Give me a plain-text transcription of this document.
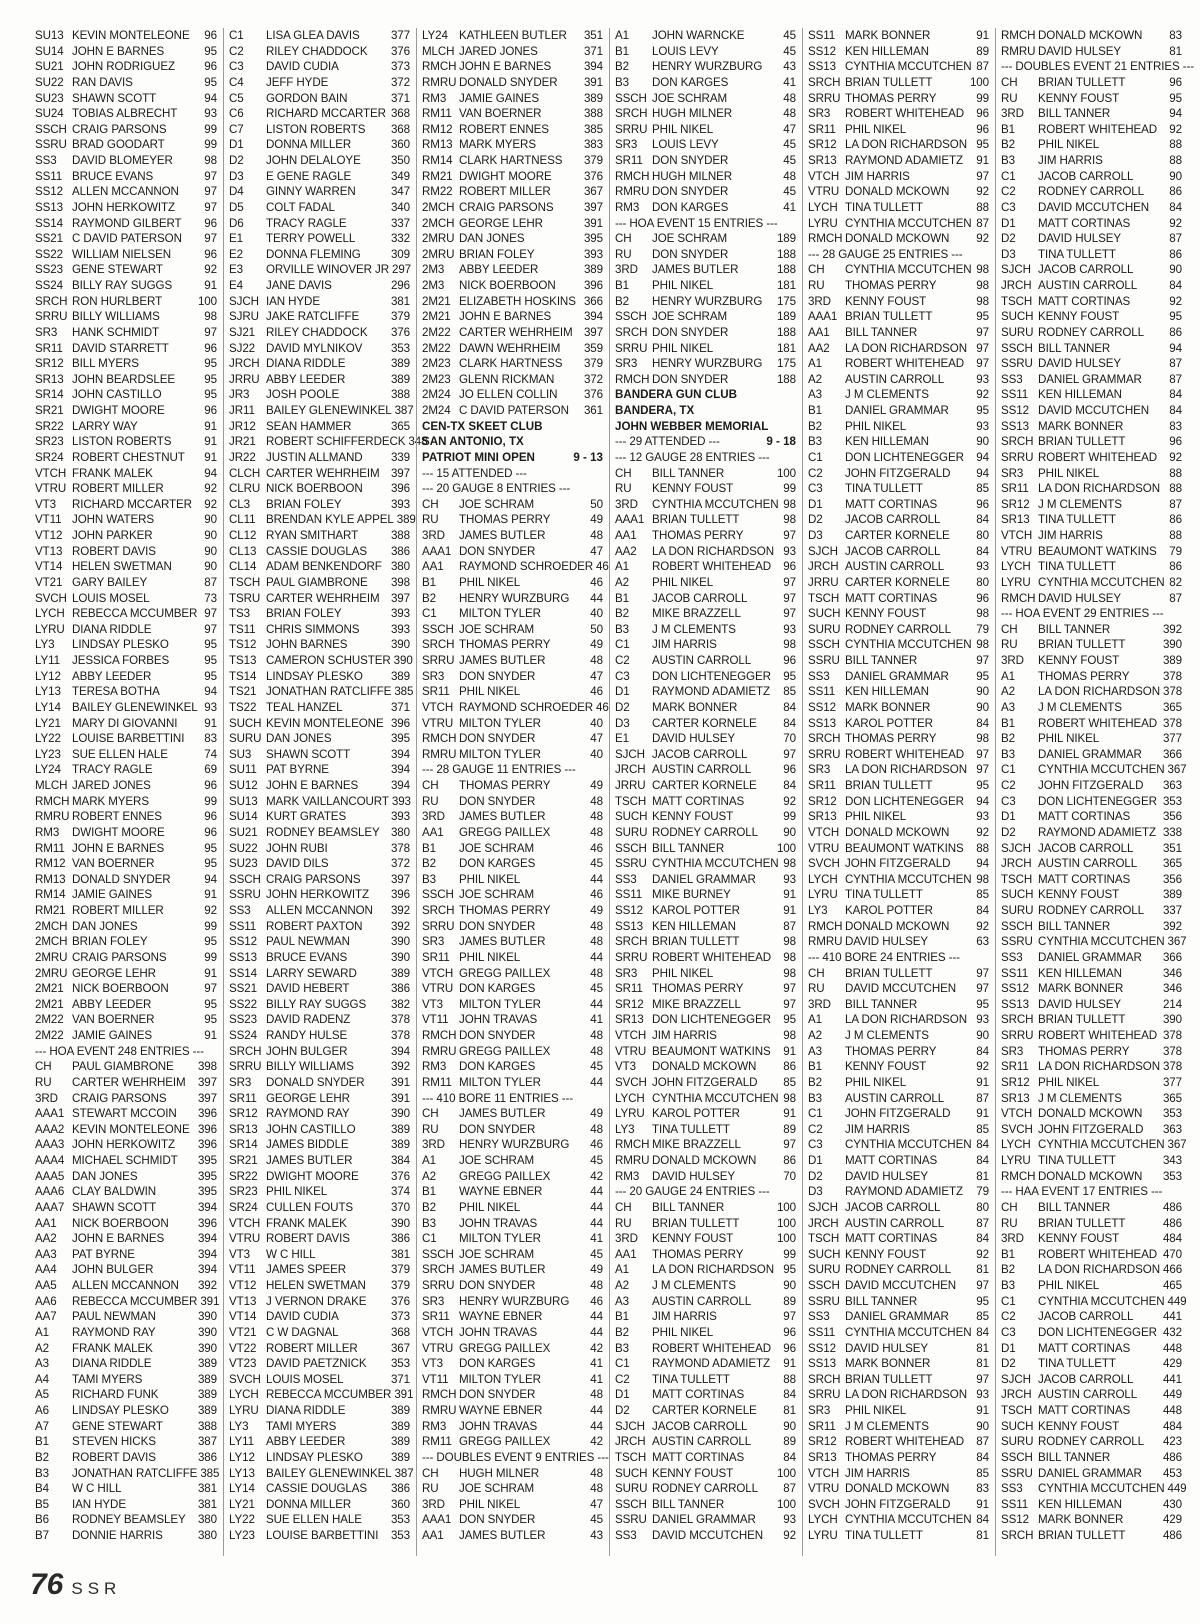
SU13 KEVIN MONTELEONE	96
SU14 JOHN E BARNES	95
SU21 JOHN RODRIGUEZ	96
SU22 RAN DAVIS	95
SU23 SHAWN SCOTT	94
SU24 TOBIAS ALBRECHT	93
SSCH CRAIG PARSONS	99
SSRU BRAD GOODART	99
SS3	DAVID BLOMEYER	98
SS11 BRUCE EVANS	97
SS12 ALLEN MCCANNON	97
SS13 JOHN HERKOWITZ	97
SS14 RAYMOND GILBERT	96
SS21 C DAVID PATERSON	97
SS22 WILLIAM NIELSEN	96
SS23 GENE STEWART	92
SS24 BILLY RAY SUGGS	91
SRCH RON HURLBERT	100
SRRU BILLY WILLIAMS	98
SR3	HANK SCHMIDT	97
SR11 DAVID STARRETT	96
SR12 BILL MYERS	95
SR13 JOHN BEARDSLEE	95
SR14 JOHN CASTILLO	95
SR21 DWIGHT MOORE	96
SR22 LARRY WAY	91
SR23 LISTON ROBERTS	91
SR24 ROBERT CHESTNUT	91
VTCH FRANK MALEK	94
VTRU ROBERT MILLER	92
VT3	RICHARD MCCARTER	92
VT11 JOHN WATERS	90
VT12 JOHN PARKER	90
VT13 ROBERT DAVIS	90
VT14 HELEN SWETMAN	90
VT21 GARY BAILEY	87
SVCH LOUIS MOSEL	73
LYCH REBECCA MCCUMBER 97
LYRU DIANA RIDDLE	97
LY3	LINDSAY PLESKO	95
LY11	JESSICA FORBES	95
LY12 ABBY LEEDER	95
LY13 TERESA BOTHA	94
LY14 BAILEY GLENEWINKEL 93
LY21 MARY DI GIOVANNI	91
LY22 LOUISE BARBETTINI	83
LY23 SUE ELLEN HALE	74
LY24 TRACY RAGLE	69
MLCH JARED JONES	96
RMCH MARK MYERS	99
RMRU ROBERT ENNES	96
RM3	DWIGHT MOORE	96
RM11 JOHN E BARNES	95
RM12 VAN BOERNER	95
RM13 DONALD SNYDER	94
RM14 JAMIE GAINES	91
RM21 ROBERT MILLER	92
2MCH DAN JONES	99
2MCH BRIAN FOLEY	95
2MRU CRAIG PARSONS	99
2MRU GEORGE LEHR	91
2M21 NICK BOERBOON	97
2M21 ABBY LEEDER	95
2M22 VAN BOERNER	95
2M22 JAMIE GAINES	91
--- HOA EVENT 248 ENTRIES ---
CH	PAUL GIAMBRONE	398
RU	CARTER WEHRHEIM	397
3RD	CRAIG PARSONS	397
AAA1 STEWART MCCOIN	396
AAA2 KEVIN MONTELEONE 396
AAA3 JOHN HERKOWITZ	396
AAA4 MICHAEL SCHMIDT	395
AAA5 DAN JONES	395
AAA6 CLAY BALDWIN	395
AAA7 SHAWN SCOTT	394
AA1	NICK BOERBOON	396
AA2	JOHN E BARNES	394
AA3	PAT BYRNE	394
AA4	JOHN BULGER	394
AA5	ALLEN MCCANNON	392
AA6	REBECCA MCCUMBER 391
AA7	PAUL NEWMAN	390
A1	RAYMOND RAY	390
A2	FRANK MALEK	390
A3	DIANA RIDDLE	389
A4	TAMI MYERS	389
A5	RICHARD FUNK	389
A6	LINDSAY PLESKO	389
A7	GENE STEWART	388
B1	STEVEN HICKS	387
B2	ROBERT DAVIS	386
B3	JONATHAN RATCLIFFE 385
B4	W C HILL	381
B5	IAN HYDE	381
B6	RODNEY BEAMSLEY	380
B7	DONNIE HARRIS	380
C1	LISA GLEA DAVIS	377
C2	RILEY CHADDOCK	376
C3	DAVID CUDIA	373
C4	JEFF HYDE	372
C5	GORDON BAIN	371
C6	RICHARD MCCARTER 368
C7	LISTON ROBERTS	368
D1	DONNA MILLER	360
D2	JOHN DELALOYE	350
D3	E GENE RAGLE	349
D4	GINNY WARREN	347
D5	COLT FADAL	340
D6	TRACY RAGLE	337
E1	TERRY POWELL	332
E2	DONNA FLEMING	309
E3	ORVILLE WINOVER JR 297
E4	JANE DAVIS	296
SJCH IAN HYDE	381
SJRU JAKE RATCLIFFE	379
SJ21 RILEY CHADDOCK	376
SJ22 DAVID MYLNIKOV	353
JRCH DIANA RIDDLE	389
JRRU ABBY LEEDER	389
JR3	JOSH POOLE	388
JR11 BAILEY GLENEWINKEL 387
JR12 SEAN HAMMER	365
JR21 ROBERT SCHIFFERDECK 348
JR22 JUSTIN ALLMAND	339
CLCH CARTER WEHRHEIM 397
CLRU NICK BOERBOON	396
CL3	BRIAN FOLEY	393
CL11 BRENDAN KYLE APPEL 389
CL12 RYAN SMITHART	388
CL13 CASSIE DOUGLAS	386
CL14 ADAM BENKENDORF 380
TSCH PAUL GIAMBRONE	398
TSRU CARTER WEHRHEIM 397
TS3	BRIAN FOLEY	393
TS11 CHRIS SIMMONS	393
TS12 JOHN BARNES	390
TS13 CAMERON SCHUSTER 390
TS14 LINDSAY PLESKO	389
TS21 JONATHAN RATCLIFFE 385
TS22 TEAL HANZEL	371
SUCH KEVIN MONTELEONE 396
SURU DAN JONES	395
SU3	SHAWN SCOTT	394
SU11 PAT BYRNE	394
SU12 JOHN E BARNES	394
SU13 MARK VAILLANCOURT 393
SU14 KURT GRATES	393
SU21 RODNEY BEAMSLEY 380
SU22 JOHN RUBI	378
SU23 DAVID DILS	372
SSCH CRAIG PARSONS	397
SSRU JOHN HERKOWITZ	396
SS3	ALLEN MCCANNON	392
SS11 ROBERT PAXTON	392
SS12 PAUL NEWMAN	390
SS13 BRUCE EVANS	390
SS14 LARRY SEWARD	389
SS21 DAVID HEBERT	386
SS22 BILLY RAY SUGGS	382
SS23 DAVID RADENZ	378
SS24 RANDY HULSE	378
SRCH JOHN BULGER	394
SRRU BILLY WILLIAMS	392
SR3	DONALD SNYDER	391
SR11 GEORGE LEHR	391
SR12 RAYMOND RAY	390
SR13 JOHN CASTILLO	389
SR14 JAMES BIDDLE	389
SR21 JAMES BUTLER	384
SR22 DWIGHT MOORE	376
SR23 PHIL NIKEL	374
SR24 CULLEN FOUTS	370
VTCH FRANK MALEK	390
VTRU ROBERT DAVIS	386
VT3	W C HILL	381
VT11 JAMES SPEER	379
VT12 HELEN SWETMAN	379
VT13 J VERNON DRAKE	376
VT14 DAVID CUDIA	373
VT21 C W DAGNAL	368
VT22 ROBERT MILLER	367
VT23 DAVID PAETZNICK	353
SVCH LOUIS MOSEL	371
LYCH REBECCA MCCUMBER 391
LYRU DIANA RIDDLE	389
LY3	TAMI MYERS	389
LY11	ABBY LEEDER	389
LY12 LINDSAY PLESKO	389
LY13 BAILEY GLENEWINKEL 387
LY14 CASSIE DOUGLAS	386
LY21 DONNA MILLER	360
LY22 SUE ELLEN HALE	353
LY23 LOUISE BARBETTINI	353
LY24 KATHLEEN BUTLER	351
MLCH JARED JONES	371
RMCH JOHN E BARNES	394
RMRU DONALD SNYDER	391
RM3	JAMIE GAINES	389
RM11 VAN BOERNER	388
RM12 ROBERT ENNES	385
RM13 MARK MYERS	383
RM14 CLARK HARTNESS	379
RM21 DWIGHT MOORE	376
RM22 ROBERT MILLER	367
2MCH CRAIG PARSONS	397
2MCH GEORGE LEHR	391
2MRU DAN JONES	395
2MRU BRIAN FOLEY	393
2M3	ABBY LEEDER	389
2M3	NICK BOERBOON	396
2M21 ELIZABETH HOSKINS 366
2M21 JOHN E BARNES	394
2M22 CARTER WEHRHEIM 397
2M22 DAWN WEHRHEIM	359
2M23 CLARK HARTNESS	379
2M23 GLENN RICKMAN	372
2M24 JO ELLEN COLLIN	376
2M24 C DAVID PATERSON	361
CEN-TX SKEET CLUB
SAN ANTONIO, TX
PATRIOT MINI OPEN	9 - 13
--- 15 ATTENDED ---
--- 20 GAUGE 8 ENTRIES ---
CH	JOE SCHRAM	50
RU	THOMAS PERRY	49
3RD	JAMES BUTLER	48
AAA1 DON SNYDER	47
AA1	RAYMOND SCHROEDER 46
B1	PHIL NIKEL	46
B2	HENRY WURZBURG	44
C1	MILTON TYLER	40
SSCH JOE SCHRAM	50
SRCH THOMAS PERRY	49
SRRU JAMES BUTLER	48
SR3	DON SNYDER	47
SR11 PHIL NIKEL	46
VTCH RAYMOND SCHROEDER 46
VTRU MILTON TYLER	40
RMCH DON SNYDER	47
RMRU MILTON TYLER	40
--- 28 GAUGE 11 ENTRIES ---
CH	THOMAS PERRY	49
RU	DON SNYDER	48
3RD	JAMES BUTLER	48
AA1	GREGG PAILLEX	48
B1	JOE SCHRAM	46
B2	DON KARGES	45
B3	PHIL NIKEL	44
SSCH JOE SCHRAM	46
SRCH THOMAS PERRY	49
SRRU DON SNYDER	48
SR3	JAMES BUTLER	48
SR11 PHIL NIKEL	44
VTCH GREGG PAILLEX	48
VTRU DON KARGES	45
VT3	MILTON TYLER	44
VT11 JOHN TRAVAS	41
RMCH DON SNYDER	48
RMRU GREGG PAILLEX	48
RM3	DON KARGES	45
RM11 MILTON TYLER	44
--- 410 BORE 11 ENTRIES ---
CH	JAMES BUTLER	49
RU	DON SNYDER	48
3RD	HENRY WURZBURG	46
A1	JOE SCHRAM	45
A2	GREGG PAILLEX	42
B1	WAYNE EBNER	44
B2	PHIL NIKEL	44
B3	JOHN TRAVAS	44
C1	MILTON TYLER	41
SSCH JOE SCHRAM	45
SRCH JAMES BUTLER	49
SRRU DON SNYDER	48
SR3	HENRY WURZBURG	46
SR11 WAYNE EBNER	44
VTCH JOHN TRAVAS	44
VTRU GREGG PAILLEX	42
VT3	DON KARGES	41
VT11 MILTON TYLER	41
RMCH DON SNYDER	48
RMRU WAYNE EBNER	44
RM3	JOHN TRAVAS	44
RM11 GREGG PAILLEX	42
--- DOUBLES EVENT 9 ENTRIES ---
CH	HUGH MILNER	48
RU	JOE SCHRAM	48
3RD	PHIL NIKEL	47
AAA1 DON SNYDER	45
AA1	JAMES BUTLER	43
A1	JOHN WARNCKE	45
B1	LOUIS LEVY	45
B2	HENRY WURZBURG	43
B3	DON KARGES	41
SSCH JOE SCHRAM	48
SRCH HUGH MILNER	48
SRRU PHIL NIKEL	47
SR3	LOUIS LEVY	45
SR11 DON SNYDER	45
RMCH HUGH MILNER	48
RMRU DON SNYDER	45
RM3	DON KARGES	41
--- HOA EVENT 15 ENTRIES ---
CH	JOE SCHRAM	189
RU	DON SNYDER	188
3RD	JAMES BUTLER	188
B1	PHIL NIKEL	181
B2	HENRY WURZBURG	175
SSCH JOE SCHRAM	189
SRCH DON SNYDER	188
SRRU PHIL NIKEL	181
SR3	HENRY WURZBURG	175
RMCH DON SNYDER	188
BANDERA GUN CLUB
BANDERA, TX
JOHN WEBBER MEMORIAL
9 - 18
--- 29 ATTENDED ---
--- 12 GAUGE 28 ENTRIES ---
CH	BILL TANNER	100
RU	KENNY FOUST	99
3RD	CYNTHIA MCCUTCHEN 98
AAA1 BRIAN TULLETT	98
AA1	THOMAS PERRY	97
AA2	LA DON RICHARDSON 93
A1	ROBERT WHITEHEAD	96
A2	PHIL NIKEL	97
B1	JACOB CARROLL	97
B2	MIKE BRAZZELL	97
B3	J M CLEMENTS	93
C1	JIM HARRIS	98
C2	AUSTIN CARROLL	96
C3	DON LICHTENEGGER	95
D1	RAYMOND ADAMIETZ	85
D2	MARK BONNER	84
D3	CARTER KORNELE	84
E1	DAVID HULSEY	70
SJCH JACOB CARROLL	97
JRCH AUSTIN CARROLL	96
JRRU CARTER KORNELE	84
TSCH MATT CORTINAS	92
SUCH KENNY FOUST	99
SURU RODNEY CARROLL	90
SSCH BILL TANNER	100
SSRU CYNTHIA MCCUTCHEN 98
SS3	DANIEL GRAMMAR	93
SS11 MIKE BURNEY	91
SS12 KAROL POTTER	91
SS13 KEN HILLEMAN	87
SRCH BRIAN TULLETT	98
SRRU ROBERT WHITEHEAD	98
SR3	PHIL NIKEL	98
SR11 THOMAS PERRY	97
SR12 MIKE BRAZZELL	97
SR13 DON LICHTENEGGER	95
VTCH JIM HARRIS	98
VTRU BEAUMONT WATKINS	91
VT3	DONALD MCKOWN	86
SVCH JOHN FITZGERALD	85
LYCH CYNTHIA MCCUTCHEN 98
LYRU KAROL POTTER	91
LY3	TINA TULLETT	89
RMCH MIKE BRAZZELL	97
RMRU DONALD MCKOWN	86
RM3	DAVID HULSEY	70
--- 20 GAUGE 24 ENTRIES ---
CH	BILL TANNER	100
RU	BRIAN TULLETT	100
3RD	KENNY FOUST	100
AA1	THOMAS PERRY	99
A1	LA DON RICHARDSON 95
A2	J M CLEMENTS	90
A3	AUSTIN CARROLL	89
B1	JIM HARRIS	97
B2	PHIL NIKEL	96
B3	ROBERT WHITEHEAD	96
C1	RAYMOND ADAMIETZ	91
C2	TINA TULLETT	88
D1	MATT CORTINAS	84
D2	CARTER KORNELE	81
SJCH JACOB CARROLL	90
JRCH AUSTIN CARROLL	89
TSCH MATT CORTINAS	84
SUCH KENNY FOUST	100
SURU RODNEY CARROLL	87
SSCH BILL TANNER	100
SSRU DANIEL GRAMMAR	93
SS3	DAVID MCCUTCHEN	92
SS11 MARK BONNER	91
SS12 KEN HILLEMAN	89
SS13 CYNTHIA MCCUTCHEN 87
SRCH BRIAN TULLETT	100
SRRU THOMAS PERRY	99
SR3	ROBERT WHITEHEAD	96
SR11 PHIL NIKEL	96
SR12 LA DON RICHARDSON 95
SR13 RAYMOND ADAMIETZ	91
VTCH JIM HARRIS	97
VTRU DONALD MCKOWN	92
LYCH TINA TULLETT	88
LYRU CYNTHIA MCCUTCHEN 87
RMCH DONALD MCKOWN	92
--- 28 GAUGE 25 ENTRIES ---
CH	CYNTHIA MCCUTCHEN 98
RU	THOMAS PERRY	98
3RD	KENNY FOUST	98
AAA1 BRIAN TULLETT	95
AA1	BILL TANNER	97
AA2	LA DON RICHARDSON 97
A1	ROBERT WHITEHEAD	97
A2	AUSTIN CARROLL	93
A3	J M CLEMENTS	92
B1	DANIEL GRAMMAR	95
B2	PHIL NIKEL	93
B3	KEN HILLEMAN	90
C1	DON LICHTENEGGER	94
C2	JOHN FITZGERALD	94
C3	TINA TULLETT	85
D1	MATT CORTINAS	96
D2	JACOB CARROLL	84
D3	CARTER KORNELE	80
SJCH JACOB CARROLL	84
JRCH AUSTIN CARROLL	93
JRRU CARTER KORNELE	80
TSCH MATT CORTINAS	96
SUCH KENNY FOUST	98
SURU RODNEY CARROLL	79
SSCH CYNTHIA MCCUTCHEN 98
SSRU BILL TANNER	97
SS3	DANIEL GRAMMAR	95
SS11 KEN HILLEMAN	90
SS12 MARK BONNER	90
SS13 KAROL POTTER	84
SRCH THOMAS PERRY	98
SRRU ROBERT WHITEHEAD	97
SR3	LA DON RICHARDSON 97
SR11 BRIAN TULLETT	95
SR12 DON LICHTENEGGER	94
SR13 PHIL NIKEL	93
VTCH DONALD MCKOWN	92
VTRU BEAUMONT WATKINS	88
SVCH JOHN FITZGERALD	94
LYCH CYNTHIA MCCUTCHEN 98
LYRU TINA TULLETT	85
LY3	KAROL POTTER	84
RMCH DONALD MCKOWN	92
RMRU DAVID HULSEY	63
--- 410 BORE 24 ENTRIES ---
CH	BRIAN TULLETT	97
RU	DAVID MCCUTCHEN	97
3RD	BILL TANNER	95
A1	LA DON RICHARDSON 93
A2	J M CLEMENTS	90
A3	THOMAS PERRY	84
B1	KENNY FOUST	92
B2	PHIL NIKEL	91
B3	AUSTIN CARROLL	87
C1	JOHN FITZGERALD	91
C2	JIM HARRIS	85
C3	CYNTHIA MCCUTCHEN 84
D1	MATT CORTINAS	84
D2	DAVID HULSEY	81
D3	RAYMOND ADAMIETZ	79
SJCH JACOB CARROLL	80
JRCH AUSTIN CARROLL	87
TSCH MATT CORTINAS	84
SUCH KENNY FOUST	92
SURU RODNEY CARROLL	81
SSCH DAVID MCCUTCHEN	97
SSRU BILL TANNER	95
SS3	DANIEL GRAMMAR	85
SS11 CYNTHIA MCCUTCHEN 84
SS12 DAVID HULSEY	81
SS13 MARK BONNER	81
SRCH BRIAN TULLETT	97
SRRU LA DON RICHARDSON 93
SR3	PHIL NIKEL	91
SR11 J M CLEMENTS	90
SR12 ROBERT WHITEHEAD	87
SR13 THOMAS PERRY	84
VTCH JIM HARRIS	85
VTRU DONALD MCKOWN	83
SVCH JOHN FITZGERALD	91
LYCH CYNTHIA MCCUTCHEN 84
LYRU TINA TULLETT	81
RMCH DONALD MCKOWN	83
RMRU DAVID HULSEY	81
--- DOUBLES EVENT 21 ENTRIES ---
CH	BRIAN TULLETT	96
RU	KENNY FOUST	95
3RD	BILL TANNER	94
B1	ROBERT WHITEHEAD	92
B2	PHIL NIKEL	88
B3	JIM HARRIS	88
C1	JACOB CARROLL	90
C2	RODNEY CARROLL	86
C3	DAVID MCCUTCHEN	84
D1	MATT CORTINAS	92
D2	DAVID HULSEY	87
D3	TINA TULLETT	86
SJCH JACOB CARROLL	90
JRCH AUSTIN CARROLL	84
TSCH MATT CORTINAS	92
SUCH KENNY FOUST	95
SURU RODNEY CARROLL	86
SSCH BILL TANNER	94
SSRU DAVID HULSEY	87
SS3	DANIEL GRAMMAR	87
SS11 KEN HILLEMAN	84
SS12 DAVID MCCUTCHEN	84
SS13 MARK BONNER	83
SRCH BRIAN TULLETT	96
SRRU ROBERT WHITEHEAD	92
SR3	PHIL NIKEL	88
SR11 LA DON RICHARDSON 88
SR12 J M CLEMENTS	87
SR13 TINA TULLETT	86
VTCH JIM HARRIS	88
VTRU BEAUMONT WATKINS	79
LYCH TINA TULLETT	86
LYRU CYNTHIA MCCUTCHEN 82
RMCH DAVID HULSEY	87
--- HOA EVENT 29 ENTRIES ---
CH	BILL TANNER	392
RU	BRIAN TULLETT	390
3RD	KENNY FOUST	389
A1	THOMAS PERRY	378
A2	LA DON RICHARDSON 378
A3	J M CLEMENTS	365
B1	ROBERT WHITEHEAD 378
B2	PHIL NIKEL	377
B3	DANIEL GRAMMAR	366
C1	CYNTHIA MCCUTCHEN 367
C2	JOHN FITZGERALD	363
C3	DON LICHTENEGGER 353
D1	MATT CORTINAS	356
D2	RAYMOND ADAMIETZ 338
SJCH JACOB CARROLL	351
JRCH AUSTIN CARROLL	365
TSCH MATT CORTINAS	356
SUCH KENNY FOUST	389
SURU RODNEY CARROLL	337
SSCH BILL TANNER	392
SSRU CYNTHIA MCCUTCHEN 367
SS3	DANIEL GRAMMAR	366
SS11 KEN HILLEMAN	346
SS12 MARK BONNER	346
SS13 DAVID HULSEY	214
SRCH BRIAN TULLETT	390
SRRU ROBERT WHITEHEAD 378
SR3	THOMAS PERRY	378
SR11 LA DON RICHARDSON 378
SR12 PHIL NIKEL	377
SR13 J M CLEMENTS	365
VTCH DONALD MCKOWN	353
SVCH JOHN FITZGERALD	363
LYCH CYNTHIA MCCUTCHEN 367
LYRU TINA TULLETT	343
RMCH DONALD MCKOWN	353
--- HAA EVENT 17 ENTRIES ---
CH	BILL TANNER	486
RU	BRIAN TULLETT	486
3RD	KENNY FOUST	484
B1	ROBERT WHITEHEAD 470
B2	LA DON RICHARDSON 466
B3	PHIL NIKEL	465
C1	CYNTHIA MCCUTCHEN 449
C2	JACOB CARROLL	441
C3	DON LICHTENEGGER 432
D1	MATT CORTINAS	448
D2	TINA TULLETT	429
SJCH JACOB CARROLL	441
JRCH AUSTIN CARROLL	449
TSCH MATT CORTINAS	448
SUCH KENNY FOUST	484
SURU RODNEY CARROLL	423
SSCH BILL TANNER	486
SSRU DANIEL GRAMMAR	453
SS3	CYNTHIA MCCUTCHEN 449
SS11 KEN HILLEMAN	430
SS12 MARK BONNER	429
SRCH BRIAN TULLETT	486
76 SSR
